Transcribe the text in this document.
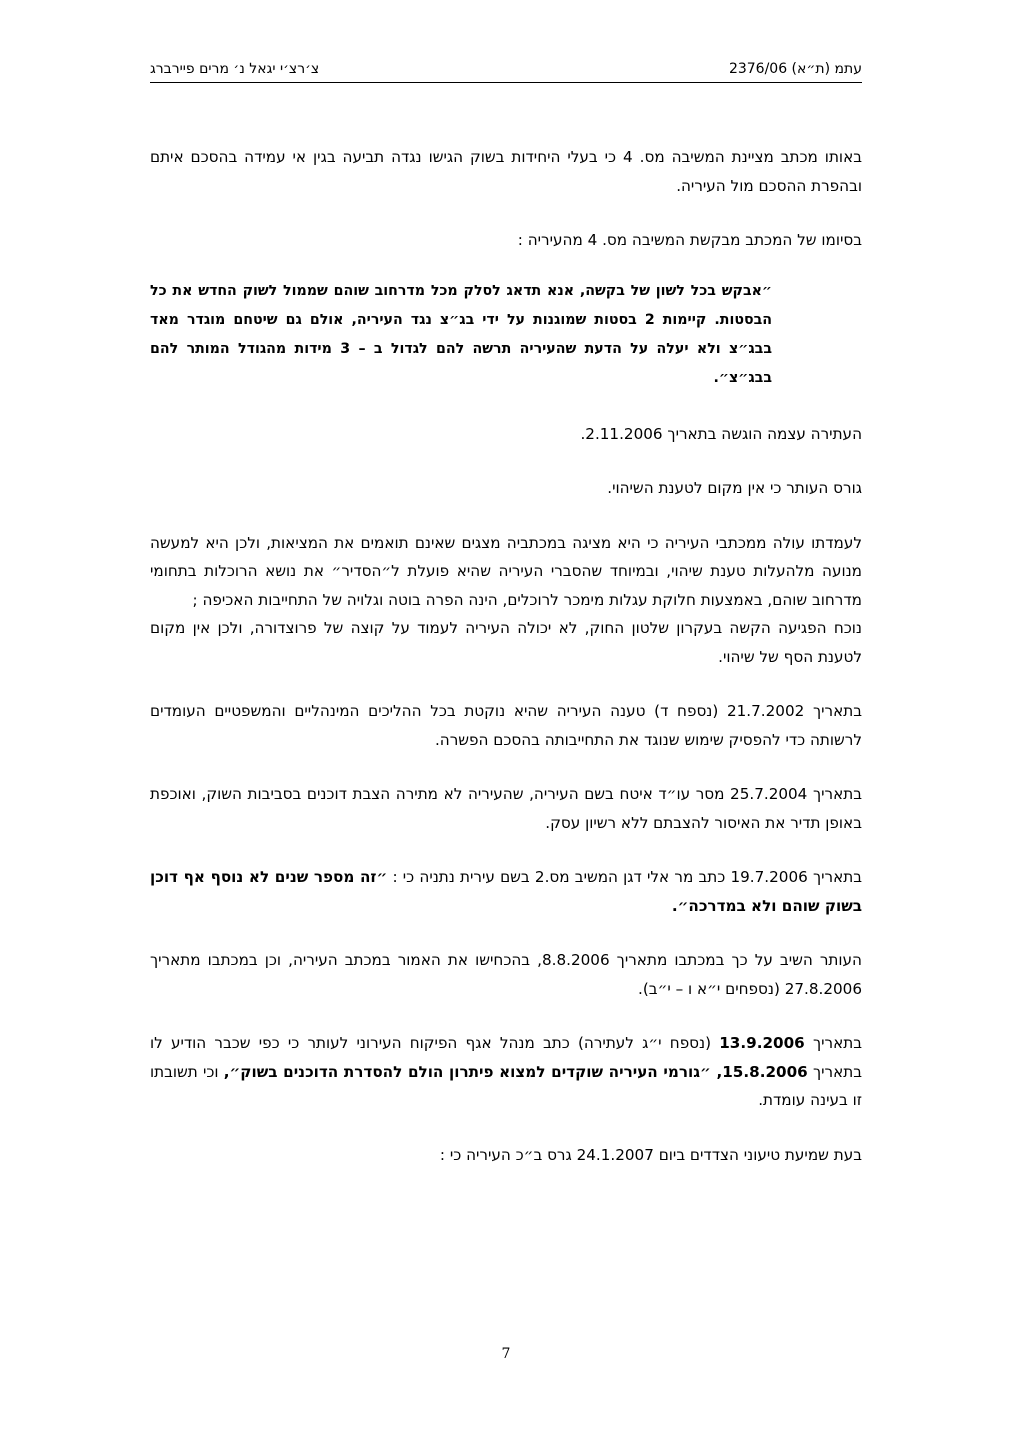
עתמ (ת״א) 2376/06
צ׳רצ׳י יגאל נ׳ מרים פיירברג

באותו מכתב מציינת המשיבה מס. 4 כי בעלי היחידות בשוק הגישו נגדה תביעה בגין אי עמידה בהסכם איתם ובהפרת ההסכם מול העיריה.

בסיומו של המכתב מבקשת המשיבה מס. 4 מהעיריה :

״אבקש בכל לשון של בקשה, אנא תדאג לסלק מכל מדרחוב שוהם שממול לשוק החדש את כל הבסטות. קיימות 2 בסטות שמוגנות על ידי בג״צ נגד העיריה, אולם גם שיטחם מוגדר מאד בבג״צ ולא יעלה על הדעת שהעיריה תרשה להם לגדול ב – 3 מידות מהגודל המותר להם בבג״צ״.

העתירה עצמה הוגשה בתאריך 2.11.2006.

גורס העותר כי אין מקום לטענת השיהוי.

לעמדתו עולה ממכתבי העיריה כי היא מציגה במכתביה מצגים שאינם תואמים את המציאות, ולכן היא למעשה מנועה מלהעלות טענת שיהוי, ובמיוחד שהסברי העיריה שהיא פועלת ל״הסדיר״ את נושא הרוכלות בתחומי מדרחוב שוהם, באמצעות חלוקת עגלות מימכר לרוכלים, הינה הפרה בוטה וגלויה של התחייבות האכיפה ;

נוכח הפגיעה הקשה בעקרון שלטון החוק, לא יכולה העיריה לעמוד על קוצה של פרוצדורה, ולכן אין מקום לטענת הסף של שיהוי.

בתאריך 21.7.2002 (נספח ד) טענה העיריה שהיא נוקטת בכל ההליכים המינהליים והמשפטיים העומדים לרשותה כדי להפסיק שימוש שנוגד את התחייבותה בהסכם הפשרה.

בתאריך 25.7.2004 מסר עו״ד איטח בשם העיריה, שהעיריה לא מתירה הצבת דוכנים בסביבות השוק, ואוכפת באופן תדיר את האיסור להצבתם ללא רשיון עסק.

בתאריך 19.7.2006 כתב מר אלי דגן המשיב מס.2 בשם עירית נתניה כי : ״זה מספר שנים לא נוסף אף דוכן בשוק שוהם ולא במדרכה״.

העותר השיב על כך במכתבו מתאריך 8.8.2006, בהכחישו את האמור במכתב העיריה, וכן במכתבו מתאריך 27.8.2006 (נספחים י״א ו – י״ב).

בתאריך 13.9.2006 (נספח י״ג לעתירה) כתב מנהל אגף הפיקוח העירוני לעותר כי כפי שכבר הודיע לו בתאריך 15.8.2006, ״גורמי העיריה שוקדים למצוא פיתרון הולם להסדרת הדוכנים בשוק״, וכי תשובתו זו בעינה עומדת.

בעת שמיעת טיעוני הצדדים ביום 24.1.2007 גרס ב״כ העיריה כי :

7
